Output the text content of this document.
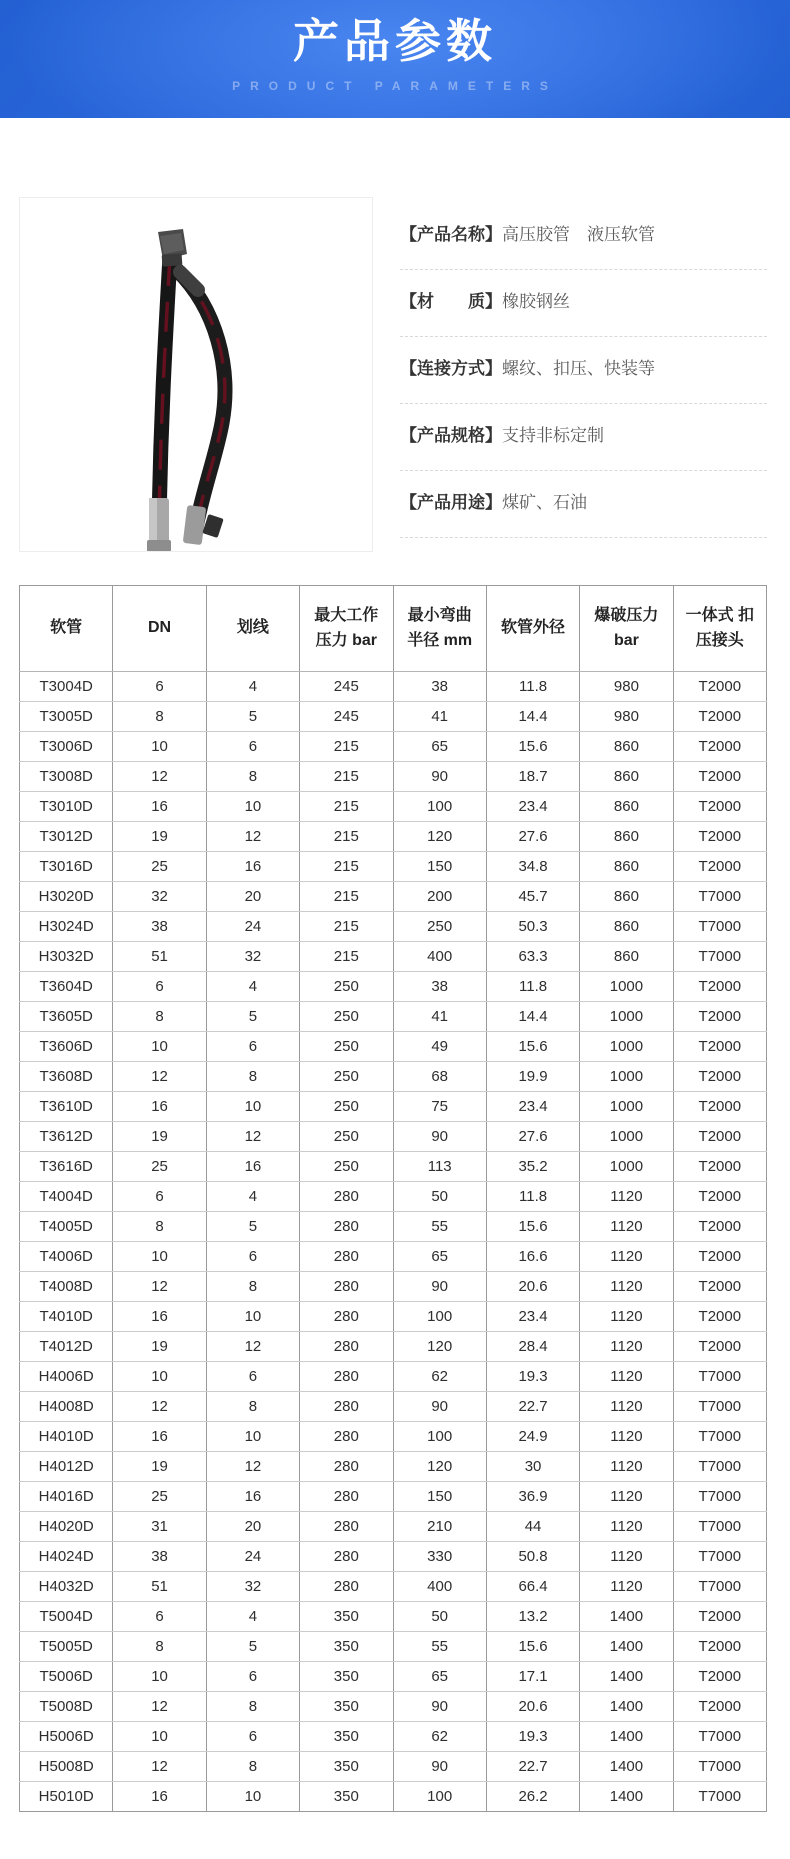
产品参数
PRODUCT PARAMETERS
【产品名称】高压胶管　液压软管
【材　　质】橡胶钢丝
【连接方式】螺纹、扣压、快装等
【产品规格】支持非标定制
【产品用途】煤矿、石油
软管	DN	划线	最大工作 压力 bar	最小弯曲 半径 mm	软管外径	爆破压力 bar	一体式 扣 压接头
T3004D	6	4	245	38	11.8	980	T2000
T3005D	8	5	245	41	14.4	980	T2000
T3006D	10	6	215	65	15.6	860	T2000
T3008D	12	8	215	90	18.7	860	T2000
T3010D	16	10	215	100	23.4	860	T2000
T3012D	19	12	215	120	27.6	860	T2000
T3016D	25	16	215	150	34.8	860	T2000
H3020D	32	20	215	200	45.7	860	T7000
H3024D	38	24	215	250	50.3	860	T7000
H3032D	51	32	215	400	63.3	860	T7000
T3604D	6	4	250	38	11.8	1000	T2000
T3605D	8	5	250	41	14.4	1000	T2000
T3606D	10	6	250	49	15.6	1000	T2000
T3608D	12	8	250	68	19.9	1000	T2000
T3610D	16	10	250	75	23.4	1000	T2000
T3612D	19	12	250	90	27.6	1000	T2000
T3616D	25	16	250	113	35.2	1000	T2000
T4004D	6	4	280	50	11.8	1120	T2000
T4005D	8	5	280	55	15.6	1120	T2000
T4006D	10	6	280	65	16.6	1120	T2000
T4008D	12	8	280	90	20.6	1120	T2000
T4010D	16	10	280	100	23.4	1120	T2000
T4012D	19	12	280	120	28.4	1120	T2000
H4006D	10	6	280	62	19.3	1120	T7000
H4008D	12	8	280	90	22.7	1120	T7000
H4010D	16	10	280	100	24.9	1120	T7000
H4012D	19	12	280	120	30	1120	T7000
H4016D	25	16	280	150	36.9	1120	T7000
H4020D	31	20	280	210	44	1120	T7000
H4024D	38	24	280	330	50.8	1120	T7000
H4032D	51	32	280	400	66.4	1120	T7000
T5004D	6	4	350	50	13.2	1400	T2000
T5005D	8	5	350	55	15.6	1400	T2000
T5006D	10	6	350	65	17.1	1400	T2000
T5008D	12	8	350	90	20.6	1400	T2000
H5006D	10	6	350	62	19.3	1400	T7000
H5008D	12	8	350	90	22.7	1400	T7000
H5010D	16	10	350	100	26.2	1400	T7000
